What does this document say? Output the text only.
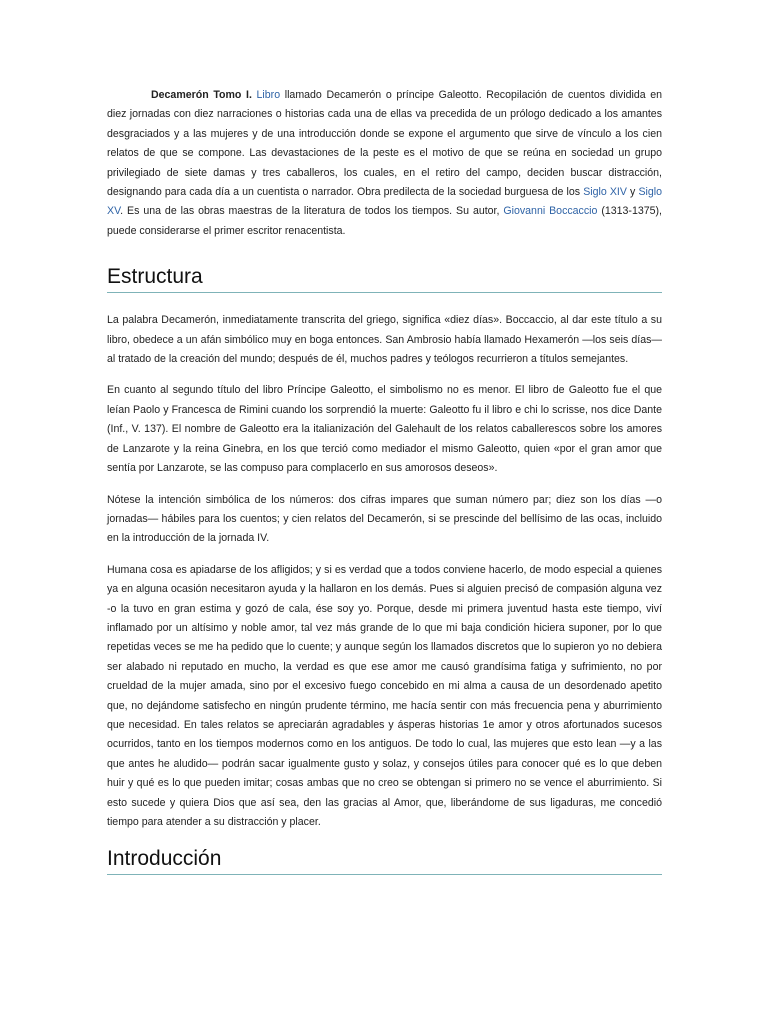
Decamerón Tomo I. Libro llamado Decamerón o príncipe Galeotto. Recopilación de cuentos dividida en diez jornadas con diez narraciones o historias cada una de ellas va precedida de un prólogo dedicado a los amantes desgraciados y a las mujeres y de una introducción donde se expone el argumento que sirve de vínculo a los cien relatos de que se compone. Las devastaciones de la peste es el motivo de que se reúna en sociedad un grupo privilegiado de siete damas y tres caballeros, los cuales, en el retiro del campo, deciden buscar distracción, designando para cada día a un cuentista o narrador. Obra predilecta de la sociedad burguesa de los Siglo XIV y Siglo XV. Es una de las obras maestras de la literatura de todos los tiempos. Su autor, Giovanni Boccaccio (1313-1375), puede considerarse el primer escritor renacentista.

Estructura

La palabra Decamerón, inmediatamente transcrita del griego, significa «diez días». Boccaccio, al dar este título a su libro, obedece a un afán simbólico muy en boga entonces. San Ambrosio había llamado Hexamerón —los seis días— al tratado de la creación del mundo; después de él, muchos padres y teólogos recurrieron a títulos semejantes.

En cuanto al segundo título del libro Príncipe Galeotto, el simbolismo no es menor. El libro de Galeotto fue el que leían Paolo y Francesca de Rimini cuando los sorprendió la muerte: Galeotto fu il libro e chi lo scrisse, nos dice Dante (Inf., V. 137). El nombre de Galeotto era la italianización del Galehault de los relatos caballerescos sobre los amores de Lanzarote y la reina Ginebra, en los que terció como mediador el mismo Galeotto, quien «por el gran amor que sentía por Lanzarote, se las compuso para complacerlo en sus amorosos deseos».

Nótese la intención simbólica de los números: dos cifras impares que suman número par; diez son los días —o jornadas— hábiles para los cuentos; y cien relatos del Decamerón, si se prescinde del bellísimo de las ocas, incluido en la introducción de la jornada IV.

Humana cosa es apiadarse de los afligidos; y si es verdad que a todos conviene hacerlo, de modo especial a quienes ya en alguna ocasión necesitaron ayuda y la hallaron en los demás. Pues si alguien precisó de compasión alguna vez -o la tuvo en gran estima y gozó de cala, ése soy yo. Porque, desde mi primera juventud hasta este tiempo, viví inflamado por un altísimo y noble amor, tal vez más grande de lo que mi baja condición hiciera suponer, por lo que repetidas veces se me ha pedido que lo cuente; y aunque según los llamados discretos que lo supieron yo no debiera ser alabado ni reputado en mucho, la verdad es que ese amor me causó grandísima fatiga y sufrimiento, no por crueldad de la mujer amada, sino por el excesivo fuego concebido en mi alma a causa de un desordenado apetito que, no dejándome satisfecho en ningún prudente término, me hacía sentir con más frecuencia pena y aburrimiento que necesidad. En tales relatos se apreciarán agradables y ásperas historias 1e amor y otros afortunados sucesos ocurridos, tanto en los tiempos modernos como en los antiguos. De todo lo cual, las mujeres que esto lean —y a las que antes he aludido— podrán sacar igualmente gusto y solaz, y consejos útiles para conocer qué es lo que deben huir y qué es lo que pueden imitar; cosas ambas que no creo se obtengan si primero no se vence el aburrimiento. Si esto sucede y quiera Dios que así sea, den las gracias al Amor, que, liberándome de sus ligaduras, me concedió tiempo para atender a su distracción y placer.

Introducción
